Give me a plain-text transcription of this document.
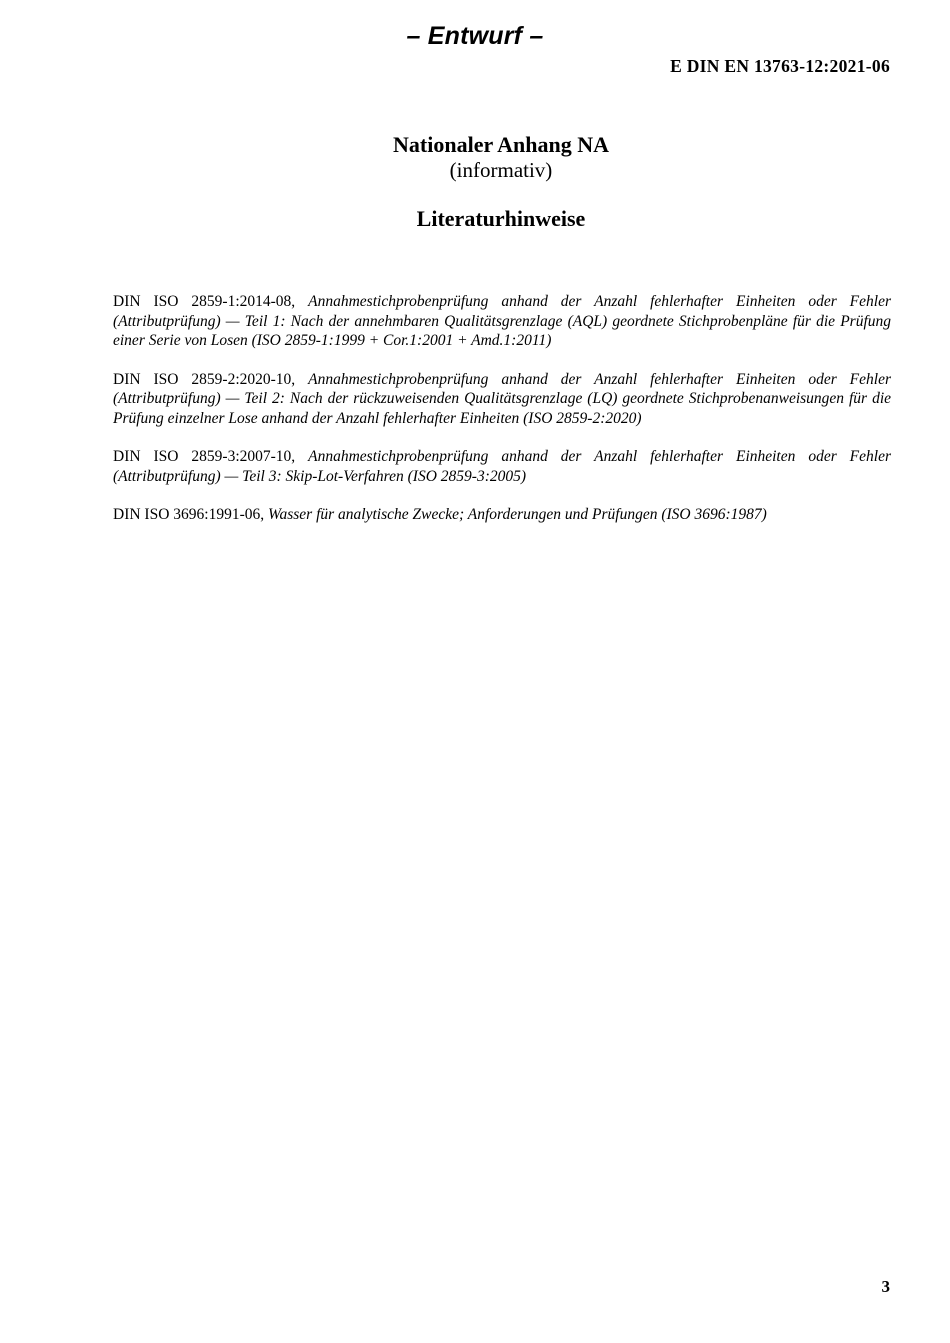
– Entwurf –
E DIN EN 13763-12:2021-06
Nationaler Anhang NA
(informativ)
Literaturhinweise

DIN ISO 2859-1:2014-08, Annahmestichprobenprüfung anhand der Anzahl fehlerhafter Einheiten oder Fehler (Attributprüfung) — Teil 1: Nach der annehmbaren Qualitätsgrenzlage (AQL) geordnete Stichprobenpläne für die Prüfung einer Serie von Losen (ISO 2859-1:1999 + Cor.1:2001 + Amd.1:2011)

DIN ISO 2859-2:2020-10, Annahmestichprobenprüfung anhand der Anzahl fehlerhafter Einheiten oder Fehler (Attributprüfung) — Teil 2: Nach der rückzuweisenden Qualitätsgrenzlage (LQ) geordnete Stichprobenanweisungen für die Prüfung einzelner Lose anhand der Anzahl fehlerhafter Einheiten (ISO 2859-2:2020)

DIN ISO 2859-3:2007-10, Annahmestichprobenprüfung anhand der Anzahl fehlerhafter Einheiten oder Fehler (Attributprüfung) — Teil 3: Skip-Lot-Verfahren (ISO 2859-3:2005)

DIN ISO 3696:1991-06, Wasser für analytische Zwecke; Anforderungen und Prüfungen (ISO 3696:1987)

3
